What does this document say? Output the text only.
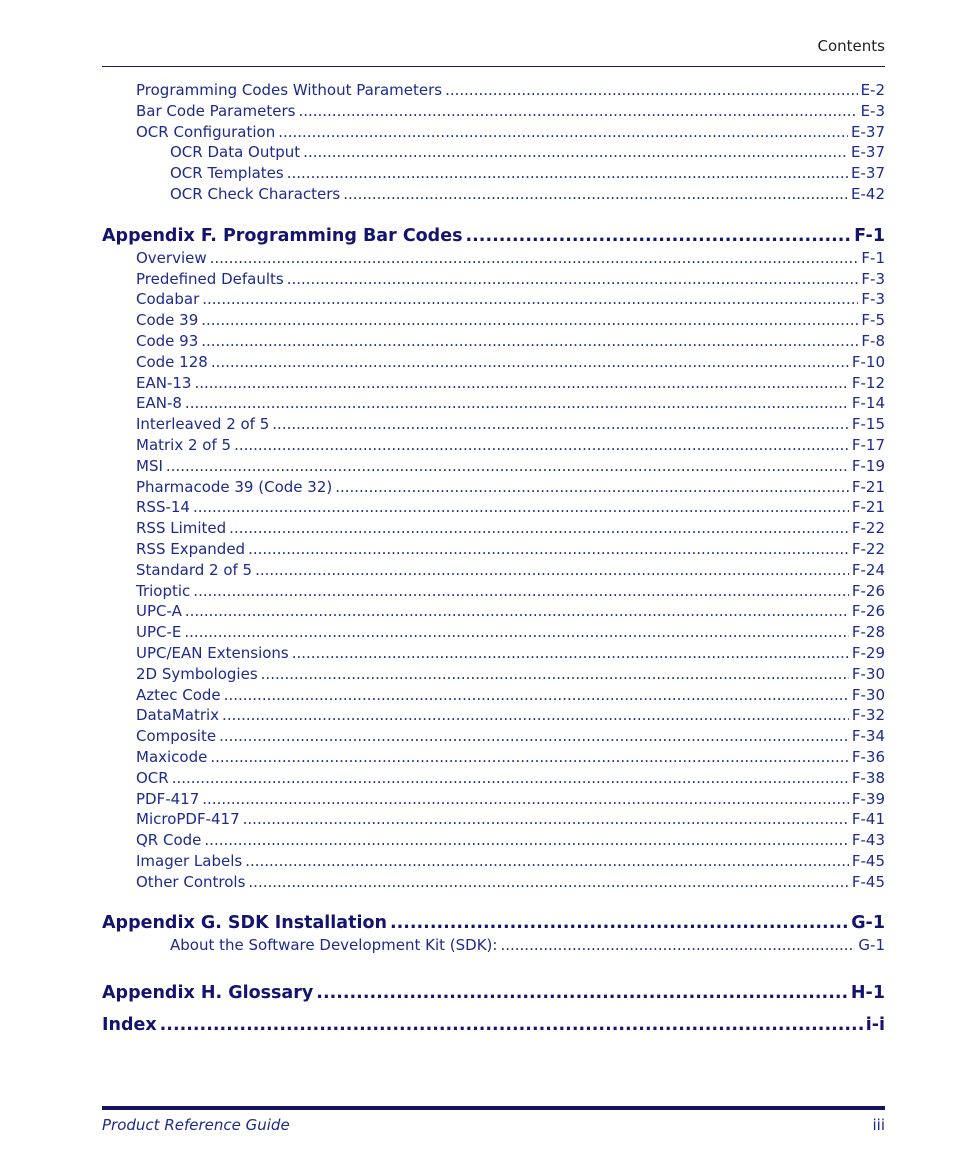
Contents
Programming Codes Without Parameters .....	E-2
Bar Code Parameters .....	E-3
OCR Configuration .....	E-37
OCR Data Output .....	E-37
OCR Templates .....	E-37
OCR Check Characters .....	E-42
Appendix F. Programming Bar Codes .....	F-1
Overview .....	F-1
Predefined Defaults .....	F-3
Codabar .....	F-3
Code 39 .....	F-5
Code 93 .....	F-8
Code 128 .....	F-10
EAN-13 .....	F-12
EAN-8 .....	F-14
Interleaved 2 of 5 .....	F-15
Matrix 2 of 5 .....	F-17
MSI .....	F-19
Pharmacode 39 (Code 32) .....	F-21
RSS-14 .....	F-21
RSS Limited .....	F-22
RSS Expanded .....	F-22
Standard 2 of 5 .....	F-24
Trioptic .....	F-26
UPC-A .....	F-26
UPC-E .....	F-28
UPC/EAN Extensions .....	F-29
2D Symbologies .....	F-30
Aztec Code .....	F-30
DataMatrix .....	F-32
Composite .....	F-34
Maxicode .....	F-36
OCR .....	F-38
PDF-417 .....	F-39
MicroPDF-417 .....	F-41
QR Code .....	F-43
Imager Labels .....	F-45
Other Controls .....	F-45
Appendix G. SDK Installation .....	G-1
About the Software Development Kit (SDK): .....	G-1
Appendix H. Glossary .....	H-1
Index .....	i-i
Product Reference Guide	iii
